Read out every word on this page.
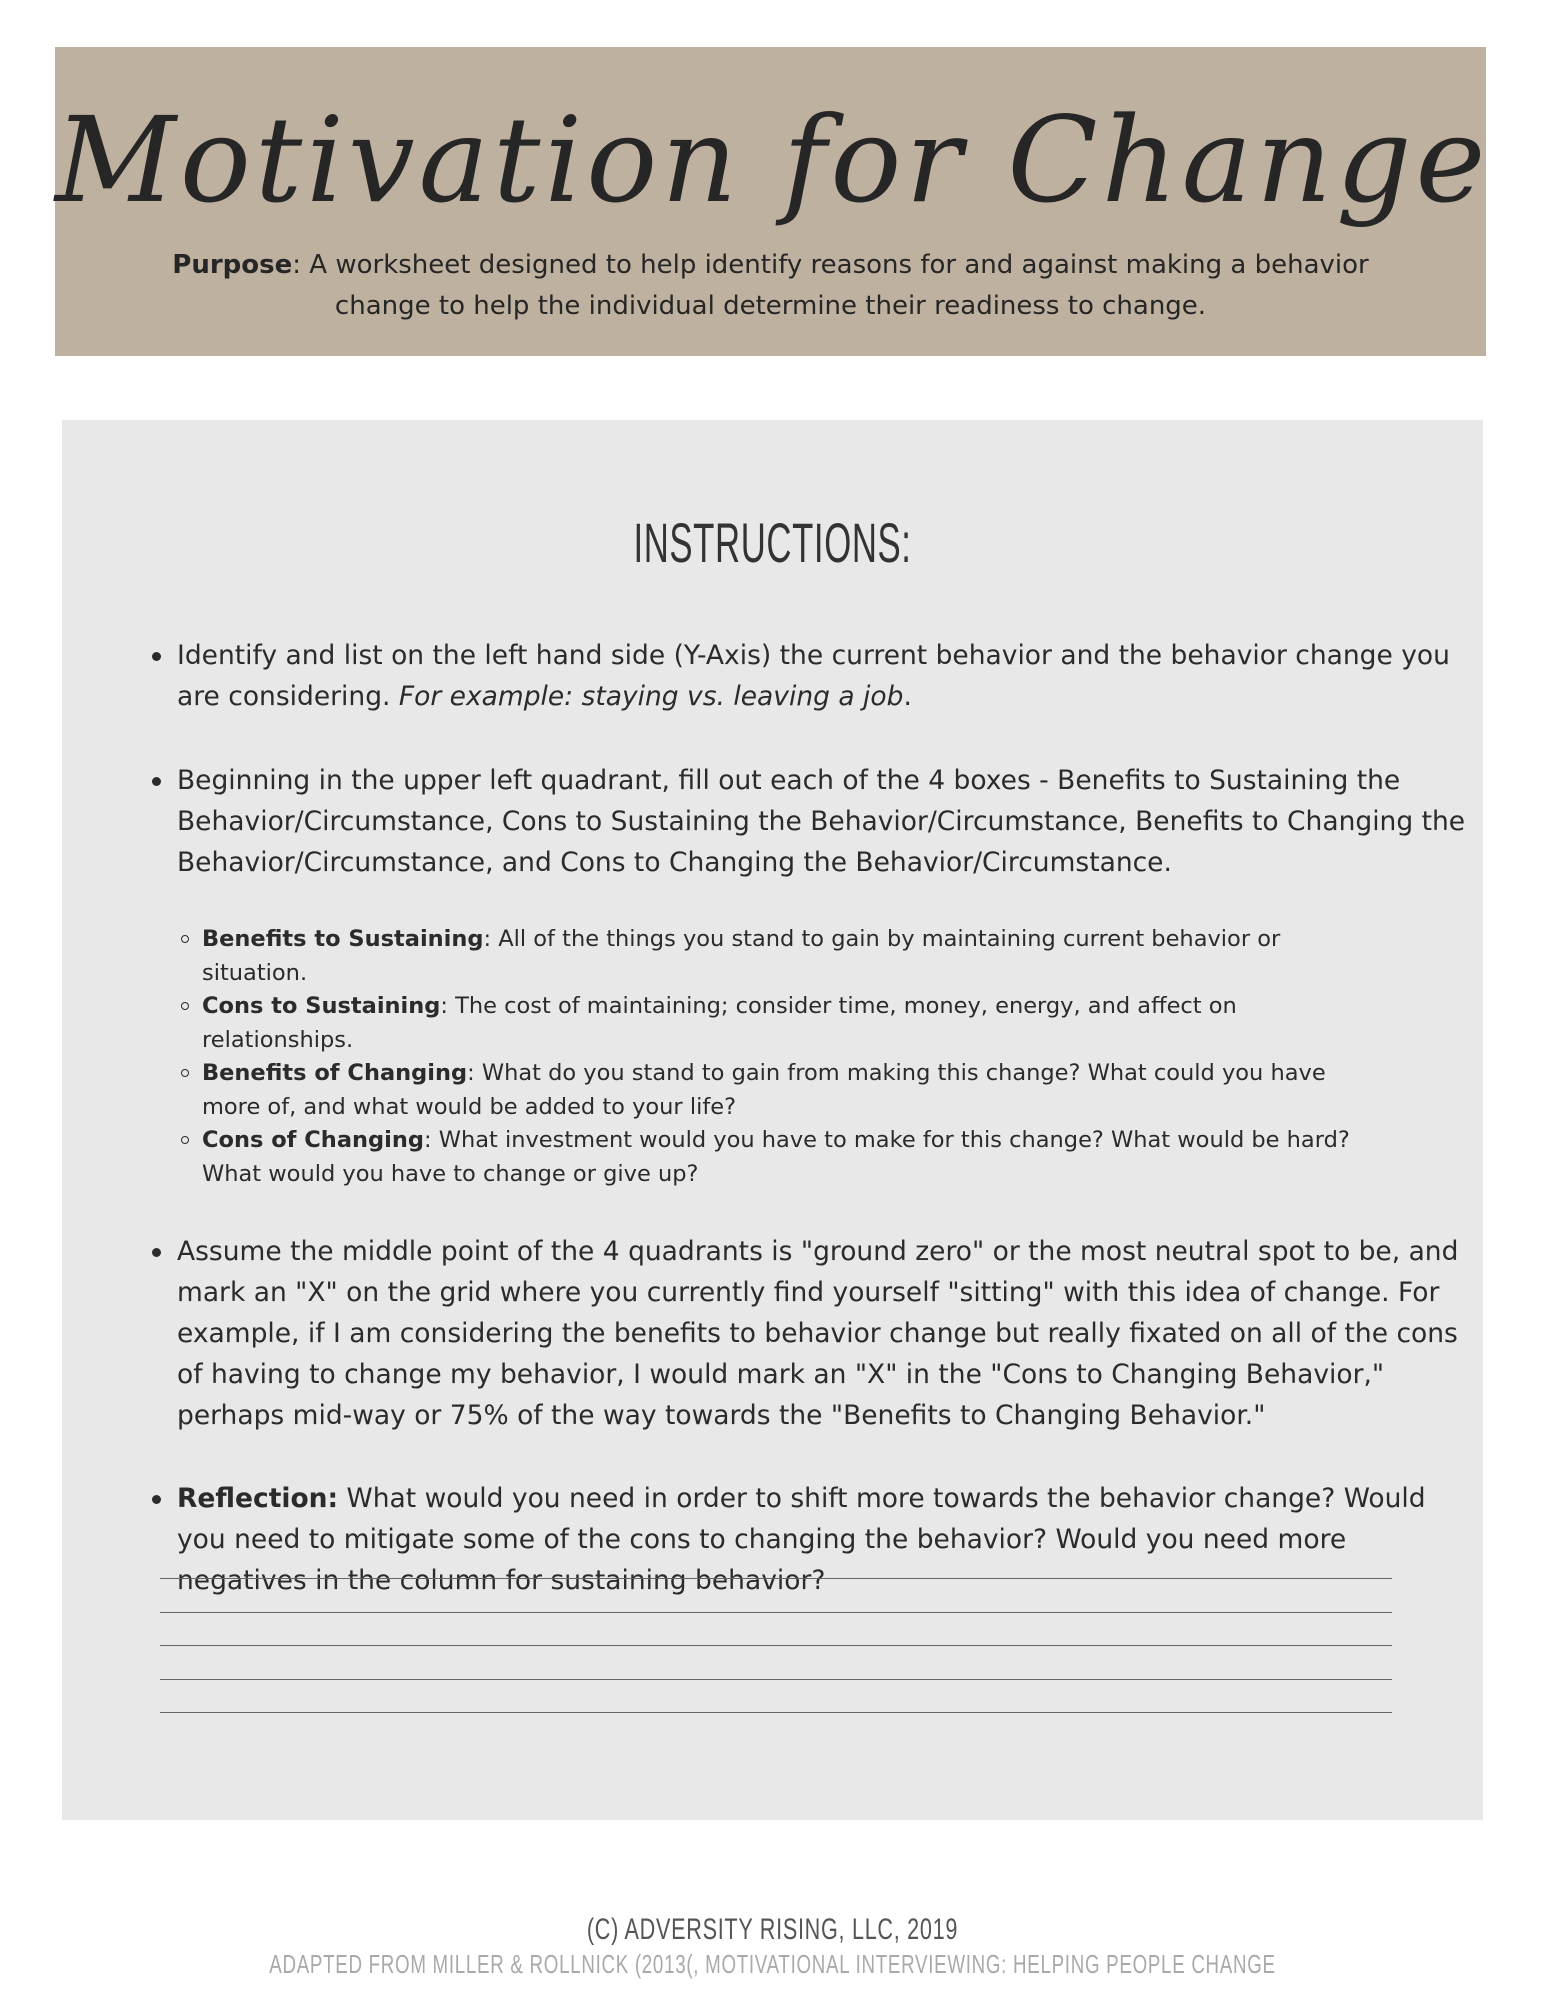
Motivation for Change
Purpose: A worksheet designed to help identify reasons for and against making a behavior change to help the individual determine their readiness to change.
INSTRUCTIONS:
Identify and list on the left hand side (Y-Axis) the current behavior and the behavior change you are considering. For example: staying vs. leaving a job.
Beginning in the upper left quadrant, fill out each of the 4 boxes - Benefits to Sustaining the Behavior/Circumstance, Cons to Sustaining the Behavior/Circumstance, Benefits to Changing the Behavior/Circumstance, and Cons to Changing the Behavior/Circumstance.
Benefits to Sustaining: All of the things you stand to gain by maintaining current behavior or situation.
Cons to Sustaining: The cost of maintaining; consider time, money, energy, and affect on relationships.
Benefits of Changing: What do you stand to gain from making this change? What could you have more of, and what would be added to your life?
Cons of Changing: What investment would you have to make for this change? What would be hard? What would you have to change or give up?
Assume the middle point of the 4 quadrants is "ground zero" or the most neutral spot to be, and mark an "X" on the grid where you currently find yourself "sitting" with this idea of change. For example, if I am considering the benefits to behavior change but really fixated on all of the cons of having to change my behavior, I would mark an "X" in the "Cons to Changing Behavior," perhaps mid-way or 75% of the way towards the "Benefits to Changing Behavior."
Reflection: What would you need in order to shift more towards the behavior change? Would you need to mitigate some of the cons to changing the behavior? Would you need more negatives in the column for sustaining behavior?
(C) ADVERSITY RISING, LLC, 2019
ADAPTED FROM MILLER & ROLLNICK (2013(, MOTIVATIONAL INTERVIEWING: HELPING PEOPLE CHANGE
